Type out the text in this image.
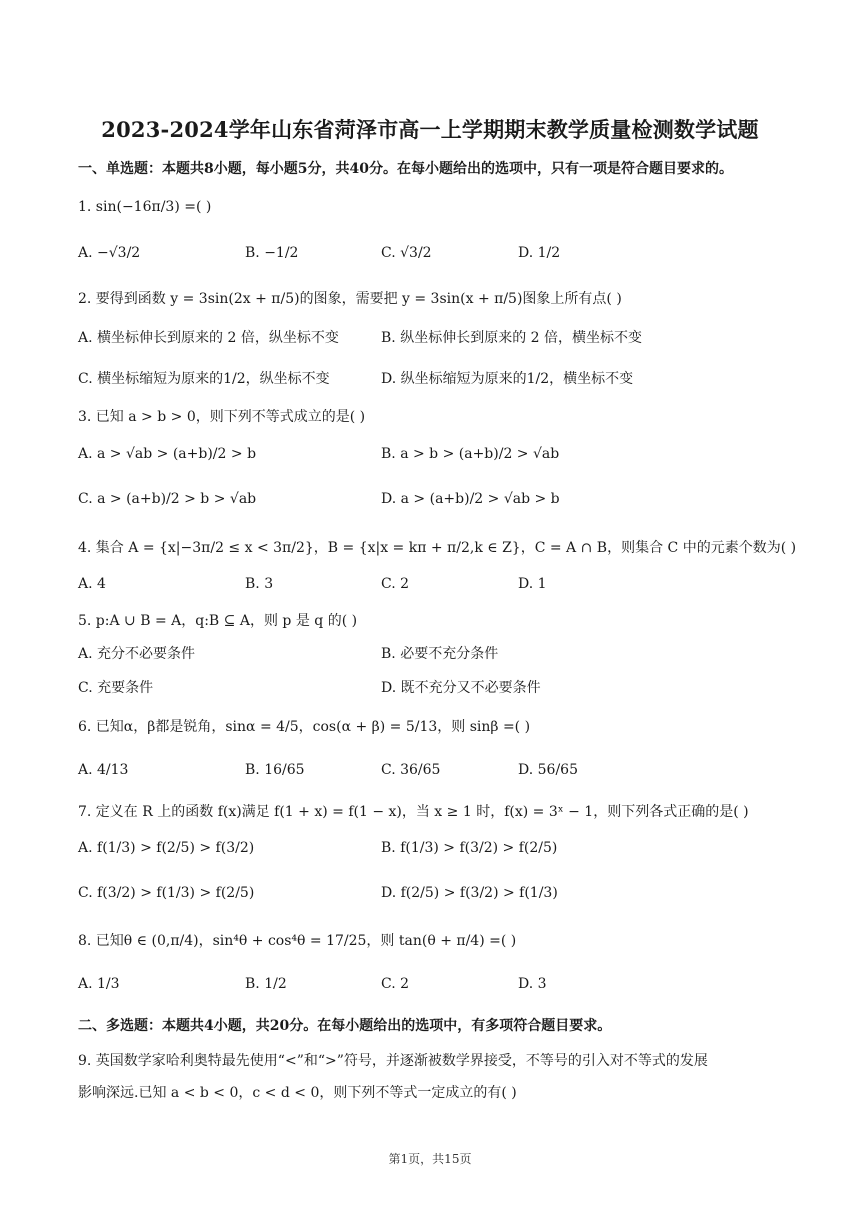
2023-2024学年山东省菏泽市高一上学期期末教学质量检测数学试题
一、单选题：本题共8小题，每小题5分，共40分。在每小题给出的选项中，只有一项是符合题目要求的。
1. sin(−16π/3) =( )
A. −√3/2	B. −1/2	C. √3/2	D. 1/2
2. 要得到函数 y = 3sin(2x + π/5)的图象，需要把 y = 3sin(x + π/5)图象上所有点( )
A. 横坐标伸长到原来的 2 倍，纵坐标不变	B. 纵坐标伸长到原来的 2 倍，横坐标不变
C. 横坐标缩短为原来的1/2，纵坐标不变	D. 纵坐标缩短为原来的1/2，横坐标不变
3. 已知 a > b > 0，则下列不等式成立的是( )
A. a > √ab > (a+b)/2 > b	B. a > b > (a+b)/2 > √ab
C. a > (a+b)/2 > b > √ab	D. a > (a+b)/2 > √ab > b
4. 集合 A = {x|−3π/2 ≤ x < 3π/2}，B = {x|x = kπ + π/2,k ∈ Z}，C = A ∩ B，则集合 C 中的元素个数为( )
A. 4	B. 3	C. 2	D. 1
5. p:A ∪ B = A，q:B ⊆ A，则 p 是 q 的( )
A. 充分不必要条件	B. 必要不充分条件
C. 充要条件	D. 既不充分又不必要条件
6. 已知α，β都是锐角，sinα = 4/5，cos(α + β) = 5/13，则 sinβ =( )
A. 4/13	B. 16/65	C. 36/65	D. 56/65
7. 定义在 R 上的函数 f(x)满足 f(1 + x) = f(1 − x)，当 x ≥ 1 时，f(x) = 3ˣ − 1，则下列各式正确的是( )
A. f(1/3) > f(2/5) > f(3/2)	B. f(1/3) > f(3/2) > f(2/5)
C. f(3/2) > f(1/3) > f(2/5)	D. f(2/5) > f(3/2) > f(1/3)
8. 已知θ ∈ (0,π/4)，sin⁴θ + cos⁴θ = 17/25，则 tan(θ + π/4) =( )
A. 1/3	B. 1/2	C. 2	D. 3
二、多选题：本题共4小题，共20分。在每小题给出的选项中，有多项符合题目要求。
9. 英国数学家哈利奥特最先使用“<”和“>”符号，并逐渐被数学界接受，不等号的引入对不等式的发展
影响深远.已知 a < b < 0，c < d < 0，则下列不等式一定成立的有( )
第1页，共15页
